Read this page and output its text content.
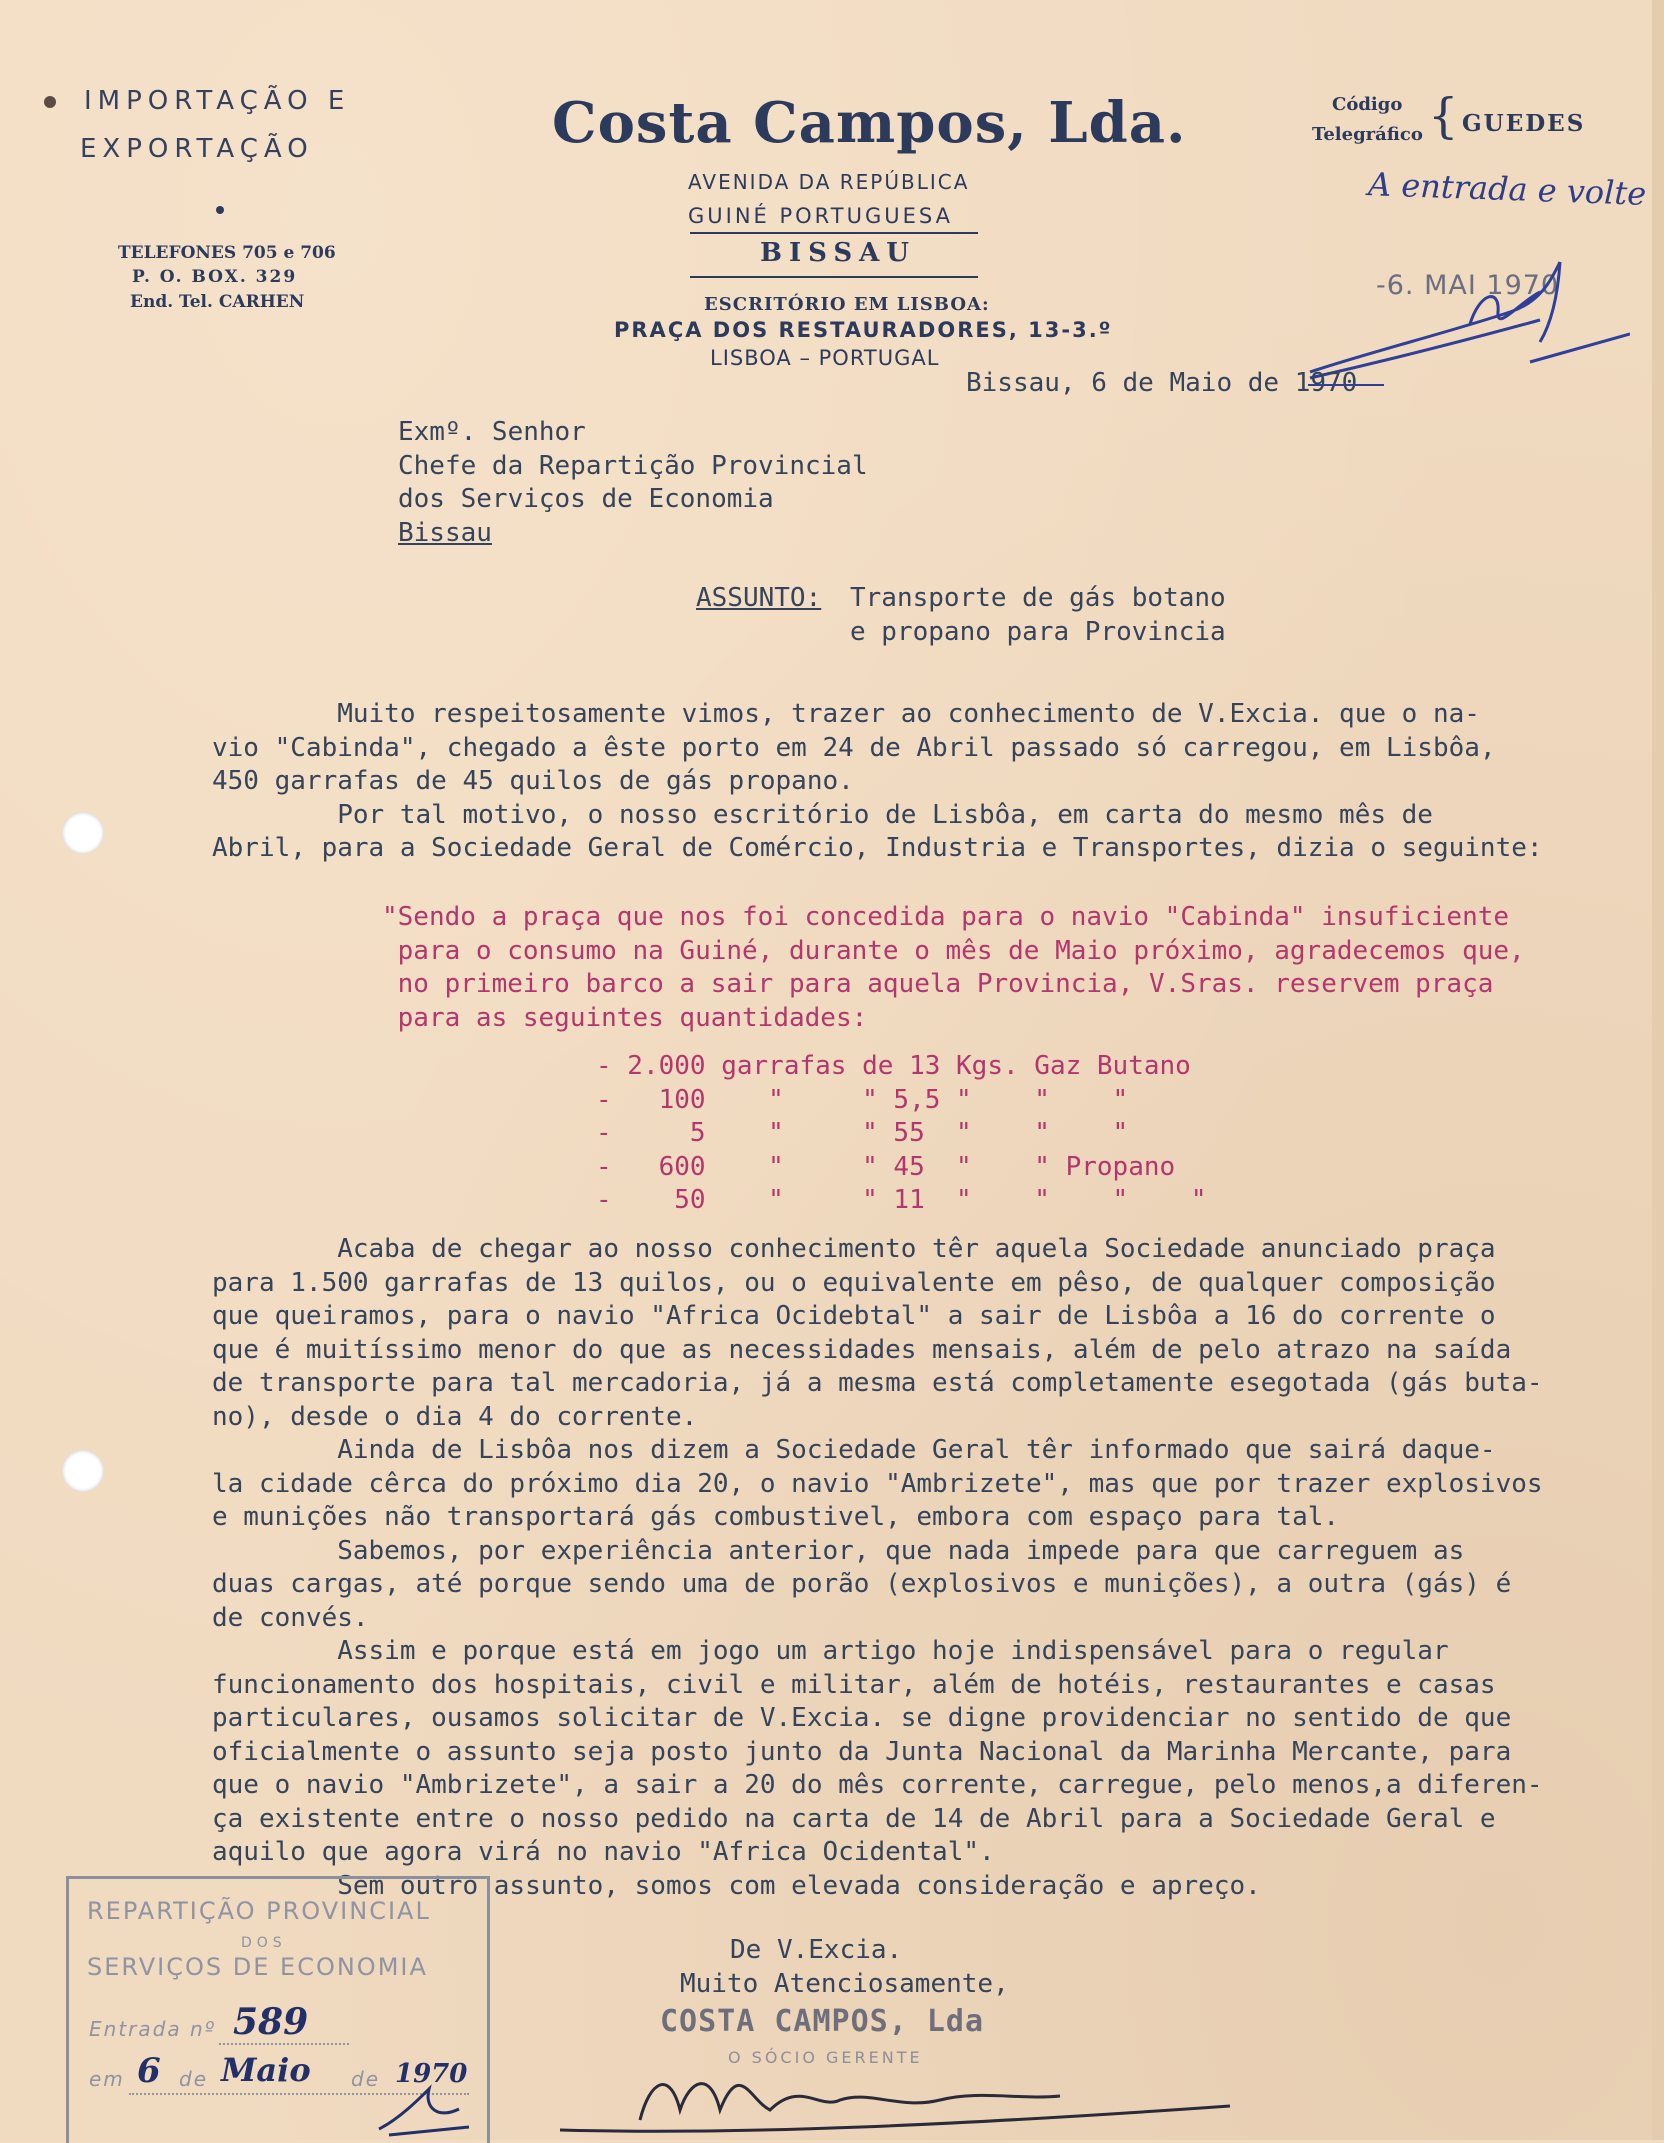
IMPORTAÇÃO E
EXPORTAÇÃO
TELEFONES 705 e 706
P. O. BOX. 329
End. Tel. CARHEN
Costa Campos, Lda.
AVENIDA DA REPÚBLICA
GUINÉ PORTUGUESA
BISSAU
ESCRITÓRIO EM LISBOA:
PRAÇA DOS RESTAURADORES, 13-3.º
LISBOA – PORTUGAL
Código
Telegráfico { GUEDES
A entrada e volte
-6. MAI 1970
Bissau, 6 de Maio de 1970
Exmº. Senhor
Chefe da Repartição Provincial
dos Serviços de Economia
Bissau
ASSUNTO: Transporte de gás botano
e propano para Provincia
Muito respeitosamente vimos, trazer ao conhecimento de V.Excia. que o na-
vio "Cabinda", chegado a êste porto em 24 de Abril passado só carregou, em Lisbôa,
450 garrafas de 45 quilos de gás propano.
Por tal motivo, o nosso escritório de Lisbôa, em carta do mesmo mês de
Abril, para a Sociedade Geral de Comércio, Industria e Transportes, dizia o seguinte:
"Sendo a praça que nos foi concedida para o navio "Cabinda" insuficiente
para o consumo na Guiné, durante o mês de Maio próximo, agradecemos que,
no primeiro barco a sair para aquela Provincia, V.Sras. reservem praça
para as seguintes quantidades:
- 2.000 garrafas de 13 Kgs. Gaz Butano
-   100    "     " 5,5 "    "    "
-     5    "     " 55  "    "    "
-   600    "     " 45  "    " Propano
-    50    "     " 11  "    "    "    "
Acaba de chegar ao nosso conhecimento têr aquela Sociedade anunciado praça
para 1.500 garrafas de 13 quilos, ou o equivalente em pêso, de qualquer composição
que queiramos, para o navio "Africa Ocidebtal" a sair de Lisbôa a 16 do corrente o
que é muitíssimo menor do que as necessidades mensais, além de pelo atrazo na saída
de transporte para tal mercadoria, já a mesma está completamente esegotada (gás buta-
no), desde o dia 4 do corrente.
Ainda de Lisbôa nos dizem a Sociedade Geral têr informado que sairá daque-
la cidade cêrca do próximo dia 20, o navio "Ambrizete", mas que por trazer explosivos
e munições não transportará gás combustivel, embora com espaço para tal.
Sabemos, por experiência anterior, que nada impede para que carreguem as
duas cargas, até porque sendo uma de porão (explosivos e munições), a outra (gás) é
de convés.
Assim e porque está em jogo um artigo hoje indispensável para o regular
funcionamento dos hospitais, civil e militar, além de hotéis, restaurantes e casas
particulares, ousamos solicitar de V.Excia. se digne providenciar no sentido de que
oficialmente o assunto seja posto junto da Junta Nacional da Marinha Mercante, para
que o navio "Ambrizete", a sair a 20 do mês corrente, carregue, pelo menos,a diferen-
ça existente entre o nosso pedido na carta de 14 de Abril para a Sociedade Geral e
aquilo que agora virá no navio "Africa Ocidental".
Sem outro assunto, somos com elevada consideração e apreço.
De V.Excia.
Muito Atenciosamente,
COSTA CAMPOS, Lda
O SÓCIO GERENTE
REPARTIÇÃO PROVINCIAL
DOS
SERVIÇOS DE ECONOMIA
Entrada nº 589
em 6 de Maio de 1970
